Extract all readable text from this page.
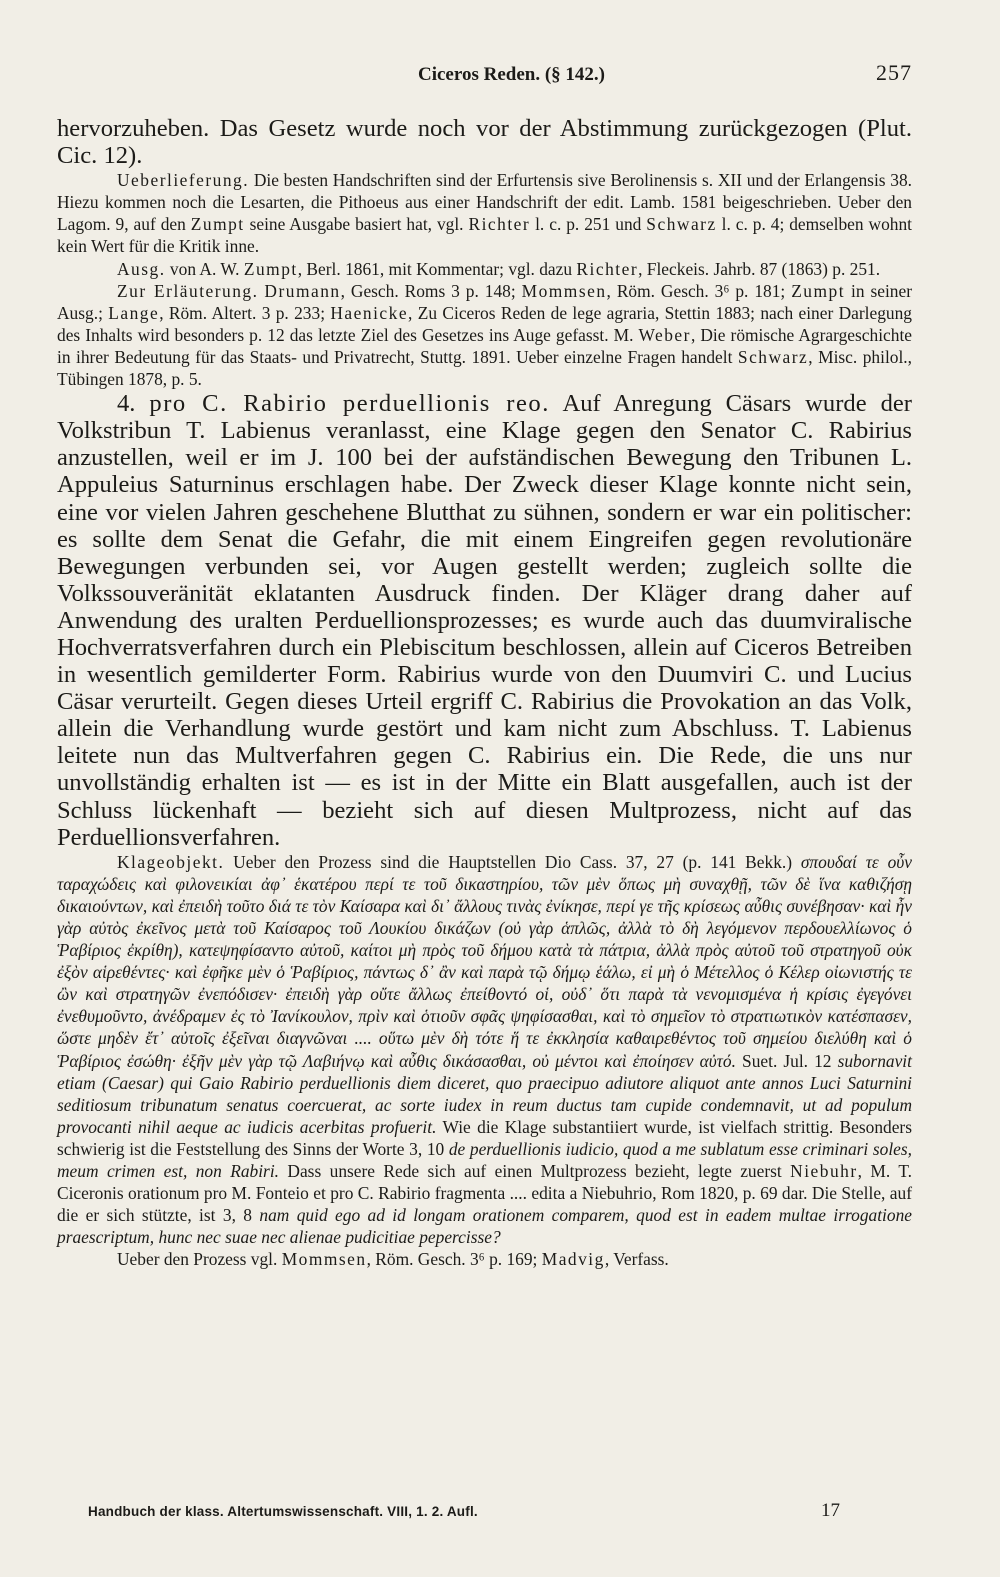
Ciceros Reden. (§ 142.)	257

hervorzuheben. Das Gesetz wurde noch vor der Abstimmung zurückgezogen (Plut. Cic. 12).

Ueberlieferung. Die besten Handschriften sind der Erfurtensis sive Berolinensis s. XII und der Erlangensis 38. Hiezu kommen noch die Lesarten, die Pithoeus aus einer Handschrift der edit. Lamb. 1581 beigeschrieben. Ueber den Lagom. 9, auf den Zumpt seine Ausgabe basiert hat, vgl. Richter l. c. p. 251 und Schwarz l. c. p. 4; demselben wohnt kein Wert für die Kritik inne.

Ausg. von A. W. Zumpt, Berl. 1861, mit Kommentar; vgl. dazu Richter, Fleckeis. Jahrb. 87 (1863) p. 251.

Zur Erläuterung. Drumann, Gesch. Roms 3 p. 148; Mommsen, Röm. Gesch. 3⁶ p. 181; Zumpt in seiner Ausg.; Lange, Röm. Altert. 3 p. 233; Haenicke, Zu Ciceros Reden de lege agraria, Stettin 1883; nach einer Darlegung des Inhalts wird besonders p. 12 das letzte Ziel des Gesetzes ins Auge gefasst. M. Weber, Die römische Agrargeschichte in ihrer Bedeutung für das Staats- und Privatrecht, Stuttg. 1891. Ueber einzelne Fragen handelt Schwarz, Misc. philol., Tübingen 1878, p. 5.

4. pro C. Rabirio perduellionis reo. Auf Anregung Cäsars wurde der Volkstribun T. Labienus veranlasst, eine Klage gegen den Senator C. Rabirius anzustellen, weil er im J. 100 bei der aufständischen Bewegung den Tribunen L. Appuleius Saturninus erschlagen habe. Der Zweck dieser Klage konnte nicht sein, eine vor vielen Jahren geschehene Blutthat zu sühnen, sondern er war ein politischer: es sollte dem Senat die Gefahr, die mit einem Eingreifen gegen revolutionäre Bewegungen verbunden sei, vor Augen gestellt werden; zugleich sollte die Volkssouveränität eklatanten Ausdruck finden. Der Kläger drang daher auf Anwendung des uralten Perduellionsprozesses; es wurde auch das duumviralische Hochverratsverfahren durch ein Plebiscitum beschlossen, allein auf Ciceros Betreiben in wesentlich gemilderter Form. Rabirius wurde von den Duumviri C. und Lucius Cäsar verurteilt. Gegen dieses Urteil ergriff C. Rabirius die Provokation an das Volk, allein die Verhandlung wurde gestört und kam nicht zum Abschluss. T. Labienus leitete nun das Multverfahren gegen C. Rabirius ein. Die Rede, die uns nur unvollständig erhalten ist — es ist in der Mitte ein Blatt ausgefallen, auch ist der Schluss lückenhaft — bezieht sich auf diesen Multprozess, nicht auf das Perduellionsverfahren.

Klageobjekt. Ueber den Prozess sind die Hauptstellen Dio Cass. 37, 27 (p. 141 Bekk.) σπουδαί τε οὖν ταραχώδεις καὶ φιλονεικίαι ἀφ᾽ ἑκατέρου περί τε τοῦ δικαστηρίου, τῶν μὲν ὅπως μὴ συναχθῇ, τῶν δὲ ἵνα καθιζήσῃ δικαιούντων, καὶ ἐπειδὴ τοῦτο διά τε τὸν Καίσαρα καὶ δι᾽ ἄλλους τινὰς ἐνίκησε, περί γε τῆς κρίσεως αὖθις συνέβησαν· καὶ ἦν γὰρ αὐτὸς ἐκεῖνος μετὰ τοῦ Καίσαρος τοῦ Λουκίου δικάζων (οὐ γὰρ ἁπλῶς, ἀλλὰ τὸ δὴ λεγόμενον περδουελλίωνος ὁ Ῥαβίριος ἐκρίθη), κατεψηφίσαντο αὐτοῦ, καίτοι μὴ πρὸς τοῦ δήμου κατὰ τὰ πάτρια, ἀλλὰ πρὸς αὐτοῦ τοῦ στρατηγοῦ οὐκ ἐξὸν αἱρεθέντες· καὶ ἐφῆκε μὲν ὁ Ῥαβίριος, πάντως δ᾽ ἂν καὶ παρὰ τῷ δήμῳ ἑάλω, εἰ μὴ ὁ Μέτελλος ὁ Κέλερ οἰωνιστής τε ὢν καὶ στρατηγῶν ἐνεπόδισεν· ἐπειδὴ γὰρ οὔτε ἄλλως ἐπείθοντό οἱ, οὐδ᾽ ὅτι παρὰ τὰ νενομισμένα ἡ κρίσις ἐγεγόνει ἐνεθυμοῦντο, ἀνέδραμεν ἐς τὸ Ἰανίκουλον, πρὶν καὶ ὁτιοῦν σφᾶς ψηφίσασθαι, καὶ τὸ σημεῖον τὸ στρατιωτικὸν κατέσπασεν, ὥστε μηδὲν ἔτ᾽ αὐτοῖς ἐξεῖναι διαγνῶναι .... οὕτω μὲν δὴ τότε ἥ τε ἐκκλησία καθαιρεθέντος τοῦ σημείου διελύθη καὶ ὁ Ῥαβίριος ἐσώθη· ἐξῆν μὲν γὰρ τῷ Λαβιήνῳ καὶ αὖθις δικάσασθαι, οὐ μέντοι καὶ ἐποίησεν αὐτό. Suet. Jul. 12 subornavit etiam (Caesar) qui Gaio Rabirio perduellionis diem diceret, quo praecipuo adiutore aliquot ante annos Luci Saturnini seditiosum tribunatum senatus coercuerat, ac sorte iudex in reum ductus tam cupide condemnavit, ut ad populum provocanti nihil aeque ac iudicis acerbitas profuerit. Wie die Klage substantiiert wurde, ist vielfach strittig. Besonders schwierig ist die Feststellung des Sinns der Worte 3, 10 de perduellionis iudicio, quod a me sublatum esse criminari soles, meum crimen est, non Rabiri. Dass unsere Rede sich auf einen Multprozess bezieht, legte zuerst Niebuhr, M. T. Ciceronis orationum pro M. Fonteio et pro C. Rabirio fragmenta .... edita a Niebuhrio, Rom 1820, p. 69 dar. Die Stelle, auf die er sich stützte, ist 3, 8 nam quid ego ad id longam orationem comparem, quod est in eadem multae irrogatione praescriptum, hunc nec suae nec alienae pudicitiae pepercisse?

Ueber den Prozess vgl. Mommsen, Röm. Gesch. 3⁶ p. 169; Madvig, Verfass.

Handbuch der klass. Altertumswissenschaft. VIII, 1. 2. Aufl.	17
